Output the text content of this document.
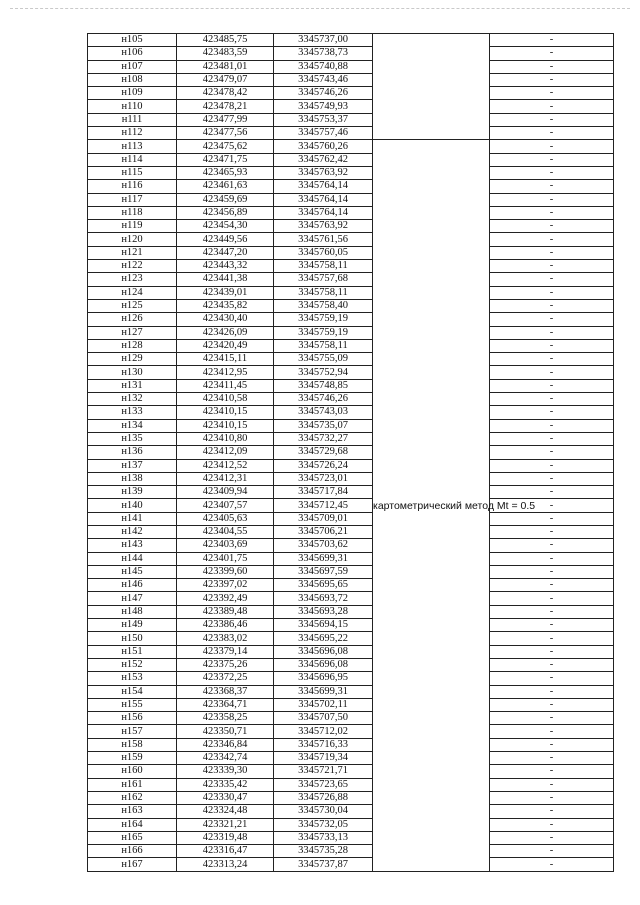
н105	423485,75	3345737,00		-
н106	423483,59	3345738,73		-
н107	423481,01	3345740,88		-
н108	423479,07	3345743,46		-
н109	423478,42	3345746,26		-
н110	423478,21	3345749,93		-
н111	423477,99	3345753,37		-
н112	423477,56	3345757,46		-
н113	423475,62	3345760,26	картометрический метод Mt = 0.5	-
н114	423471,75	3345762,42		-
н115	423465,93	3345763,92		-
н116	423461,63	3345764,14		-
н117	423459,69	3345764,14		-
н118	423456,89	3345764,14		-
н119	423454,30	3345763,92		-
н120	423449,56	3345761,56		-
н121	423447,20	3345760,05		-
н122	423443,32	3345758,11		-
н123	423441,38	3345757,68		-
н124	423439,01	3345758,11		-
н125	423435,82	3345758,40		-
н126	423430,40	3345759,19		-
н127	423426,09	3345759,19		-
н128	423420,49	3345758,11		-
н129	423415,11	3345755,09		-
н130	423412,95	3345752,94		-
н131	423411,45	3345748,85		-
н132	423410,58	3345746,26		-
н133	423410,15	3345743,03		-
н134	423410,15	3345735,07		-
н135	423410,80	3345732,27		-
н136	423412,09	3345729,68		-
н137	423412,52	3345726,24		-
н138	423412,31	3345723,01		-
н139	423409,94	3345717,84		-
н140	423407,57	3345712,45		-
н141	423405,63	3345709,01		-
н142	423404,55	3345706,21		-
н143	423403,69	3345703,62		-
н144	423401,75	3345699,31		-
н145	423399,60	3345697,59		-
н146	423397,02	3345695,65		-
н147	423392,49	3345693,72		-
н148	423389,48	3345693,28		-
н149	423386,46	3345694,15		-
н150	423383,02	3345695,22		-
н151	423379,14	3345696,08		-
н152	423375,26	3345696,08		-
н153	423372,25	3345696,95		-
н154	423368,37	3345699,31		-
н155	423364,71	3345702,11		-
н156	423358,25	3345707,50		-
н157	423350,71	3345712,02		-
н158	423346,84	3345716,33		-
н159	423342,74	3345719,34		-
н160	423339,30	3345721,71		-
н161	423335,42	3345723,65		-
н162	423330,47	3345726,88		-
н163	423324,48	3345730,04		-
н164	423321,21	3345732,05		-
н165	423319,48	3345733,13		-
н166	423316,47	3345735,28		-
н167	423313,24	3345737,87		-
